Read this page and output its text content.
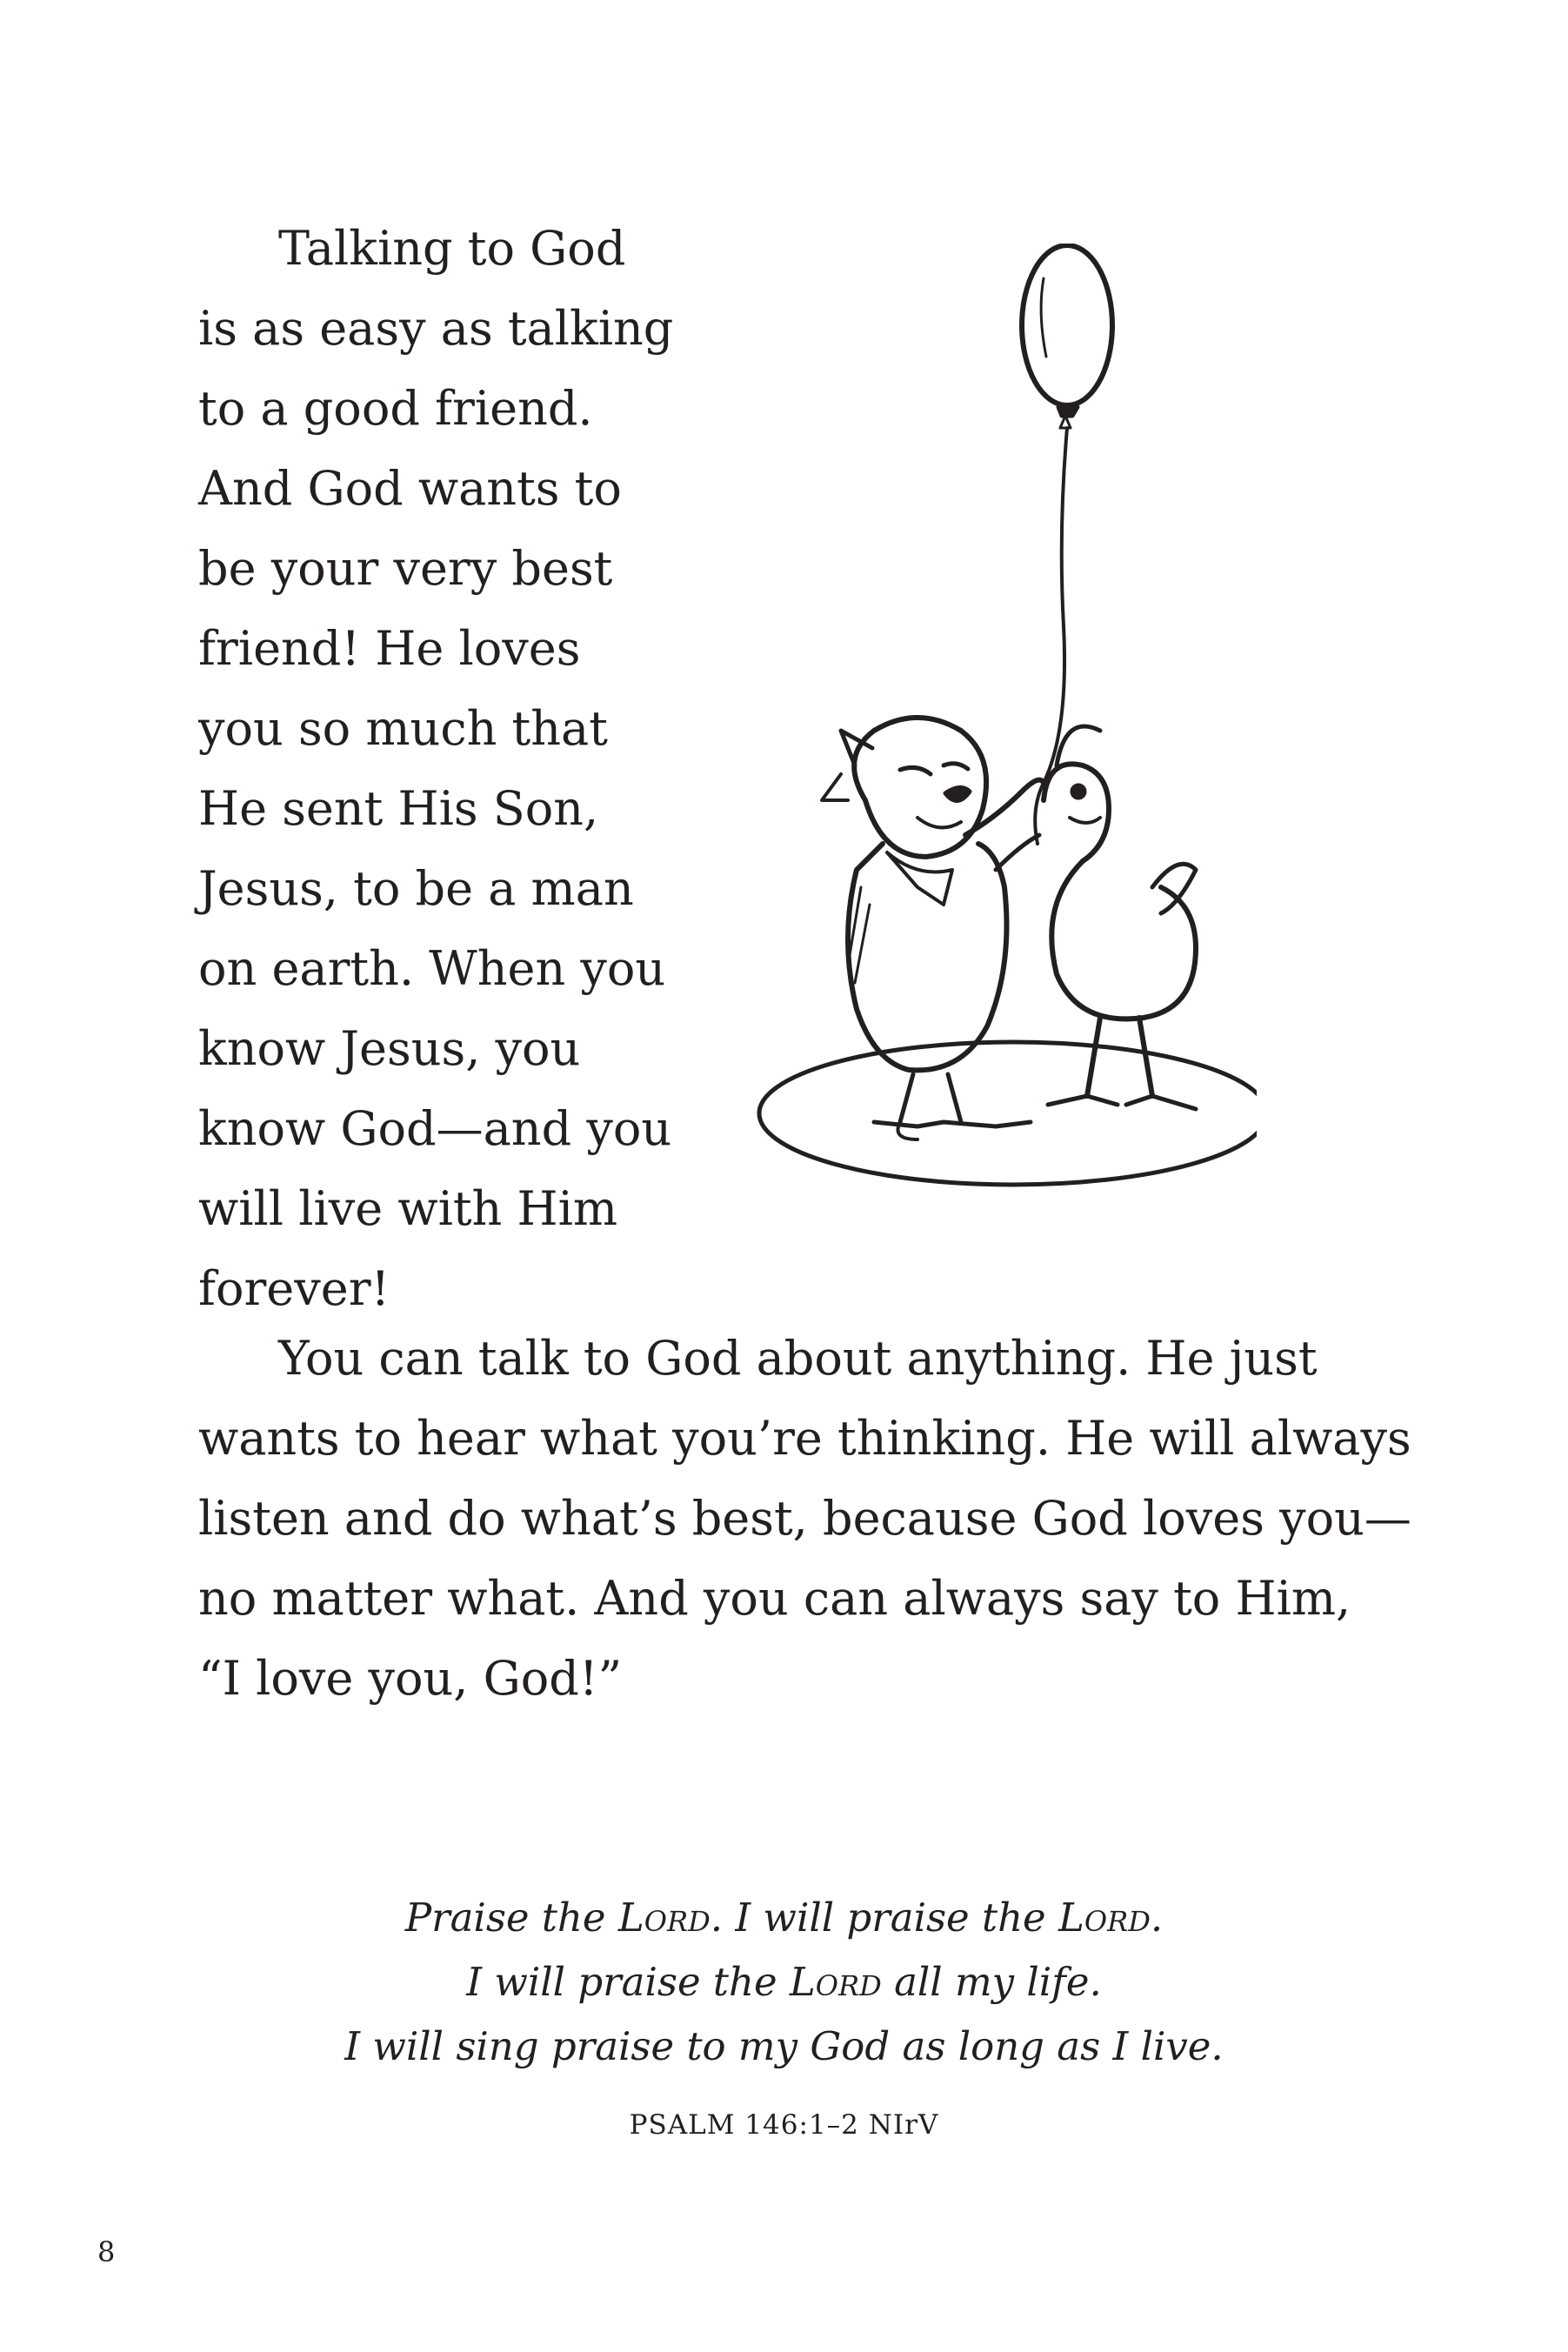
Talking to God
is as easy as talking
to a good friend.
And God wants to
be your very best
friend! He loves
you so much that
He sent His Son,
Jesus, to be a man
on earth. When you
know Jesus, you
know God—and you
will live with Him
forever!
You can talk to God about anything. He just
wants to hear what you’re thinking. He will always
listen and do what’s best, because God loves you—
no matter what. And you can always say to Him,
“I love you, God!”
Praise the Lord. I will praise the Lord.
I will praise the Lord all my life.
I will sing praise to my God as long as I live.
PSALM 146:1–2 NIrV
8
